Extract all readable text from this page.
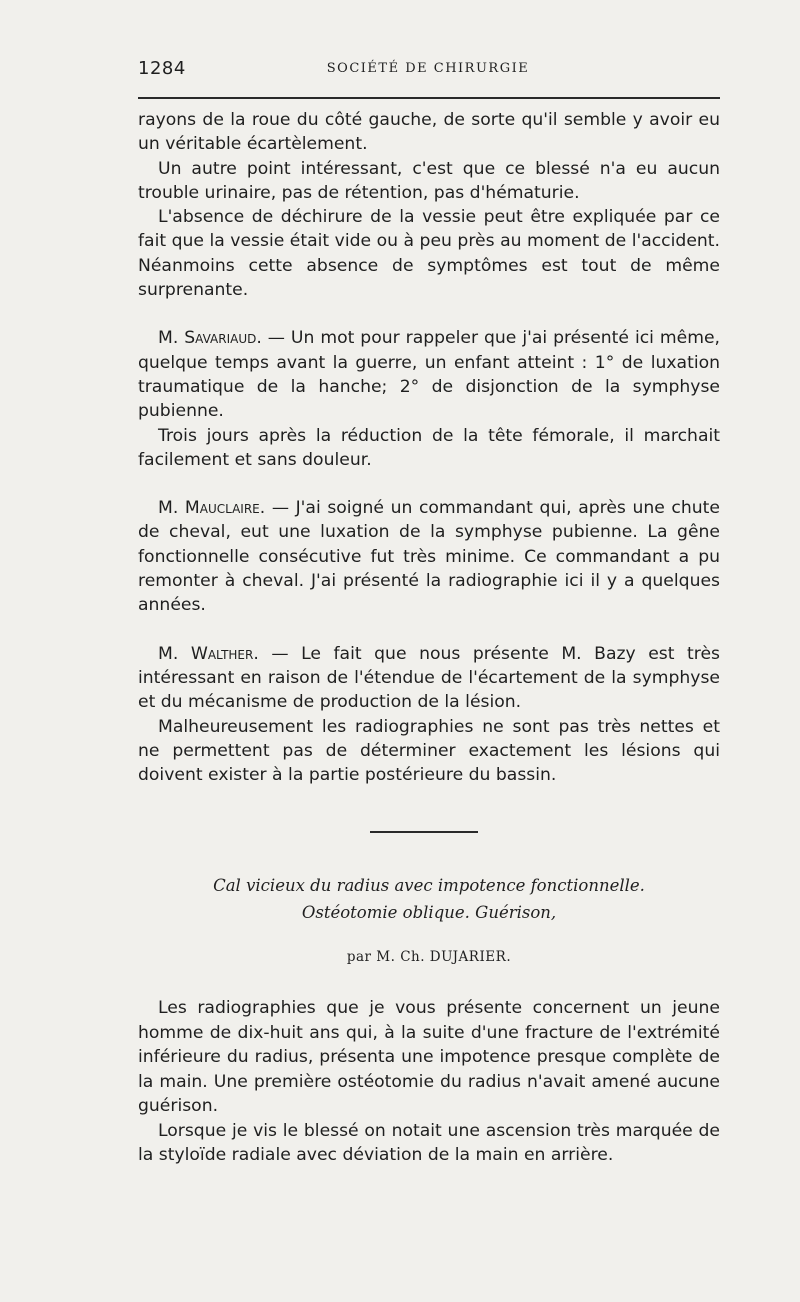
1284	SOCIÉTÉ DE CHIRURGIE

rayons de la roue du côté gauche, de sorte qu'il semble y avoir eu un véritable écartèlement.

Un autre point intéressant, c'est que ce blessé n'a eu aucun trouble urinaire, pas de rétention, pas d'hématurie.

L'absence de déchirure de la vessie peut être expliquée par ce fait que la vessie était vide ou à peu près au moment de l'accident. Néanmoins cette absence de symptômes est tout de même surprenante.

M. Savariaud. — Un mot pour rappeler que j'ai présenté ici même, quelque temps avant la guerre, un enfant atteint : 1° de luxation traumatique de la hanche; 2° de disjonction de la symphyse pubienne.

Trois jours après la réduction de la tête fémorale, il marchait facilement et sans douleur.

M. Mauclaire. — J'ai soigné un commandant qui, après une chute de cheval, eut une luxation de la symphyse pubienne. La gêne fonctionnelle consécutive fut très minime. Ce commandant a pu remonter à cheval. J'ai présenté la radiographie ici il y a quelques années.

M. Walther. — Le fait que nous présente M. Bazy est très intéressant en raison de l'étendue de l'écartement de la symphyse et du mécanisme de production de la lésion.

Malheureusement les radiographies ne sont pas très nettes et ne permettent pas de déterminer exactement les lésions qui doivent exister à la partie postérieure du bassin.

Cal vicieux du radius avec impotence fonctionnelle.
Ostéotomie oblique. Guérison,
par M. Ch. DUJARIER.

Les radiographies que je vous présente concernent un jeune homme de dix-huit ans qui, à la suite d'une fracture de l'extrémité inférieure du radius, présenta une impotence presque complète de la main. Une première ostéotomie du radius n'avait amené aucune guérison.

Lorsque je vis le blessé on notait une ascension très marquée de la styloïde radiale avec déviation de la main en arrière.
